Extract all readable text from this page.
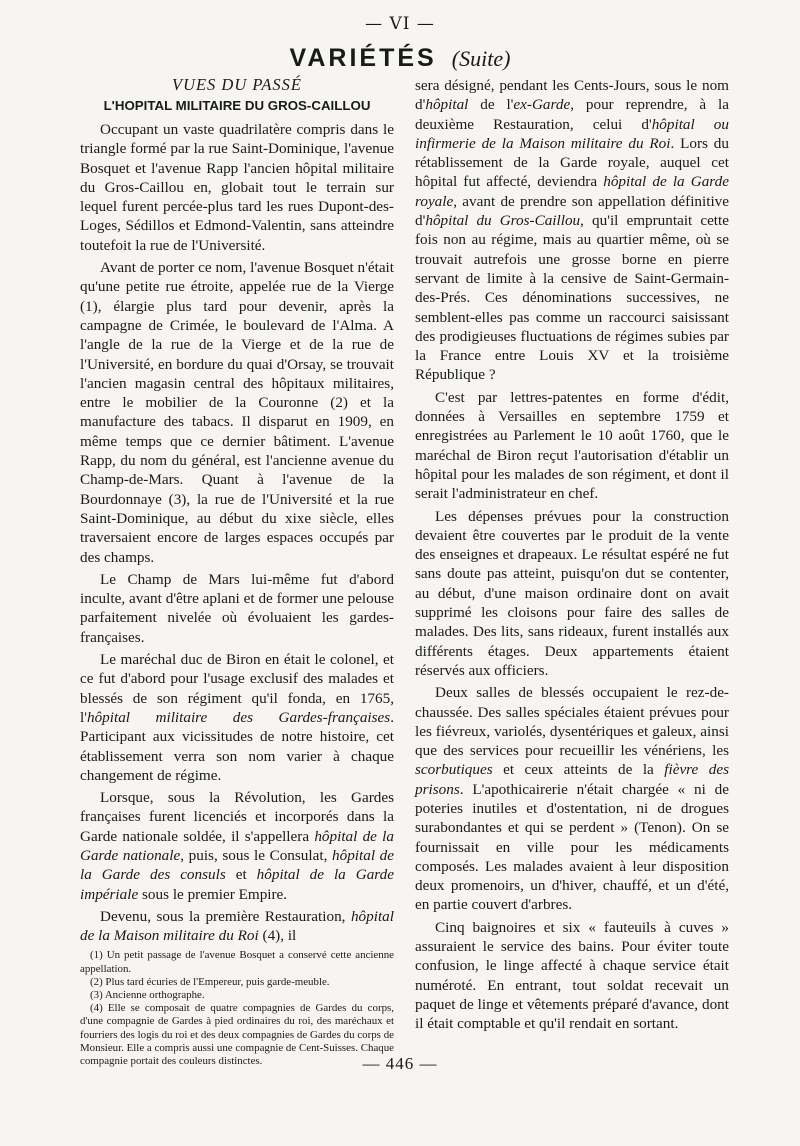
— VI —
VARIÉTÉS (Suite)
VUES DU PASSÉ
L'HOPITAL MILITAIRE DU GROS-CAILLOU

Occupant un vaste quadrilatère compris dans le triangle formé par la rue Saint-Dominique, l'avenue Bosquet et l'avenue Rapp l'ancien hôpital militaire du Gros-Caillou en, globait tout le terrain sur lequel furent percée-plus tard les rues Dupont-des-Loges, Sédillos et Edmond-Valentin, sans atteindre toutefoit la rue de l'Université.

Avant de porter ce nom, l'avenue Bosquet n'était qu'une petite rue étroite, appelée rue de la Vierge (1), élargie plus tard pour devenir, après la campagne de Crimée, le boulevard de l'Alma. A l'angle de la rue de la Vierge et de la rue de l'Université, en bordure du quai d'Orsay, se trouvait l'ancien magasin central des hôpitaux militaires, entre le mobilier de la Couronne (2) et la manufacture des tabacs. Il disparut en 1909, en même temps que ce dernier bâtiment. L'avenue Rapp, du nom du général, est l'ancienne avenue du Champ-de-Mars. Quant à l'avenue de la Bourdonnaye (3), la rue de l'Université et la rue Saint-Dominique, au début du xixe siècle, elles traversaient encore de larges espaces occupés par des champs.

Le Champ de Mars lui-même fut d'abord inculte, avant d'être aplani et de former une pelouse parfaitement nivelée où évoluaient les gardes-françaises.

Le maréchal duc de Biron en était le colonel, et ce fut d'abord pour l'usage exclusif des malades et blessés de son régiment qu'il fonda, en 1765, l'hôpital militaire des Gardes-françaises. Participant aux vicissitudes de notre histoire, cet établissement verra son nom varier à chaque changement de régime.

Lorsque, sous la Révolution, les Gardes françaises furent licenciés et incorporés dans la Garde nationale soldée, il s'appellera hôpital de la Garde nationale, puis, sous le Consulat, hôpital de la Garde des consuls et hôpital de la Garde impériale sous le premier Empire.

Devenu, sous la première Restauration, hôpital de la Maison militaire du Roi (4), il

(1) Un petit passage de l'avenue Bosquet a conservé cette ancienne appellation.
(2) Plus tard écuries de l'Empereur, puis garde-meuble.
(3) Ancienne orthographe.
(4) Elle se composait de quatre compagnies de Gardes du corps, d'une compagnie de Gardes à pied ordinaires du roi, des maréchaux et fourriers des logis du roi et des deux compagnies de Gardes du corps de Monsieur. Elle a compris aussi une compagnie de Cent-Suisses. Chaque compagnie portait des couleurs distinctes.

sera désigné, pendant les Cents-Jours, sous le nom d'hôpital de l'ex-Garde, pour reprendre, à la deuxième Restauration, celui d'hôpital ou infirmerie de la Maison militaire du Roi. Lors du rétablissement de la Garde royale, auquel cet hôpital fut affecté, deviendra hôpital de la Garde royale, avant de prendre son appellation définitive d'hôpital du Gros-Caillou, qu'il empruntait cette fois non au régime, mais au quartier même, où se trouvait autrefois une grosse borne en pierre servant de limite à la censive de Saint-Germain-des-Prés. Ces dénominations successives, ne semblent-elles pas comme un raccourci saisissant des prodigieuses fluctuations de régimes subies par la France entre Louis XV et la troisième République ?

C'est par lettres-patentes en forme d'édit, données à Versailles en septembre 1759 et enregistrées au Parlement le 10 août 1760, que le maréchal de Biron reçut l'autorisation d'établir un hôpital pour les malades de son régiment, et dont il serait l'administrateur en chef.

Les dépenses prévues pour la construction devaient être couvertes par le produit de la vente des enseignes et drapeaux. Le résultat espéré ne fut sans doute pas atteint, puisqu'on dut se contenter, au début, d'une maison ordinaire dont on avait supprimé les cloisons pour faire des salles de malades. Des lits, sans rideaux, furent installés aux différents étages. Deux appartements étaient réservés aux officiers.

Deux salles de blessés occupaient le rez-de-chaussée. Des salles spéciales étaient prévues pour les fiévreux, variolés, dysentériques et galeux, ainsi que des services pour recueillir les vénériens, les scorbutiques et ceux atteints de la fièvre des prisons. L'apothicairerie n'était chargée « ni de poteries inutiles et d'ostentation, ni de drogues surabondantes et qui se perdent » (Tenon). On se fournissait en ville pour les médicaments composés. Les malades avaient à leur disposition deux promenoirs, un d'hiver, chauffé, et un d'été, en partie couvert d'arbres.

Cinq baignoires et six « fauteuils à cuves » assuraient le service des bains. Pour éviter toute confusion, le linge affecté à chaque service était numéroté. En entrant, tout soldat recevait un paquet de linge et vêtements préparé d'avance, dont il était comptable et qu'il rendait en sortant.

— 446 —
